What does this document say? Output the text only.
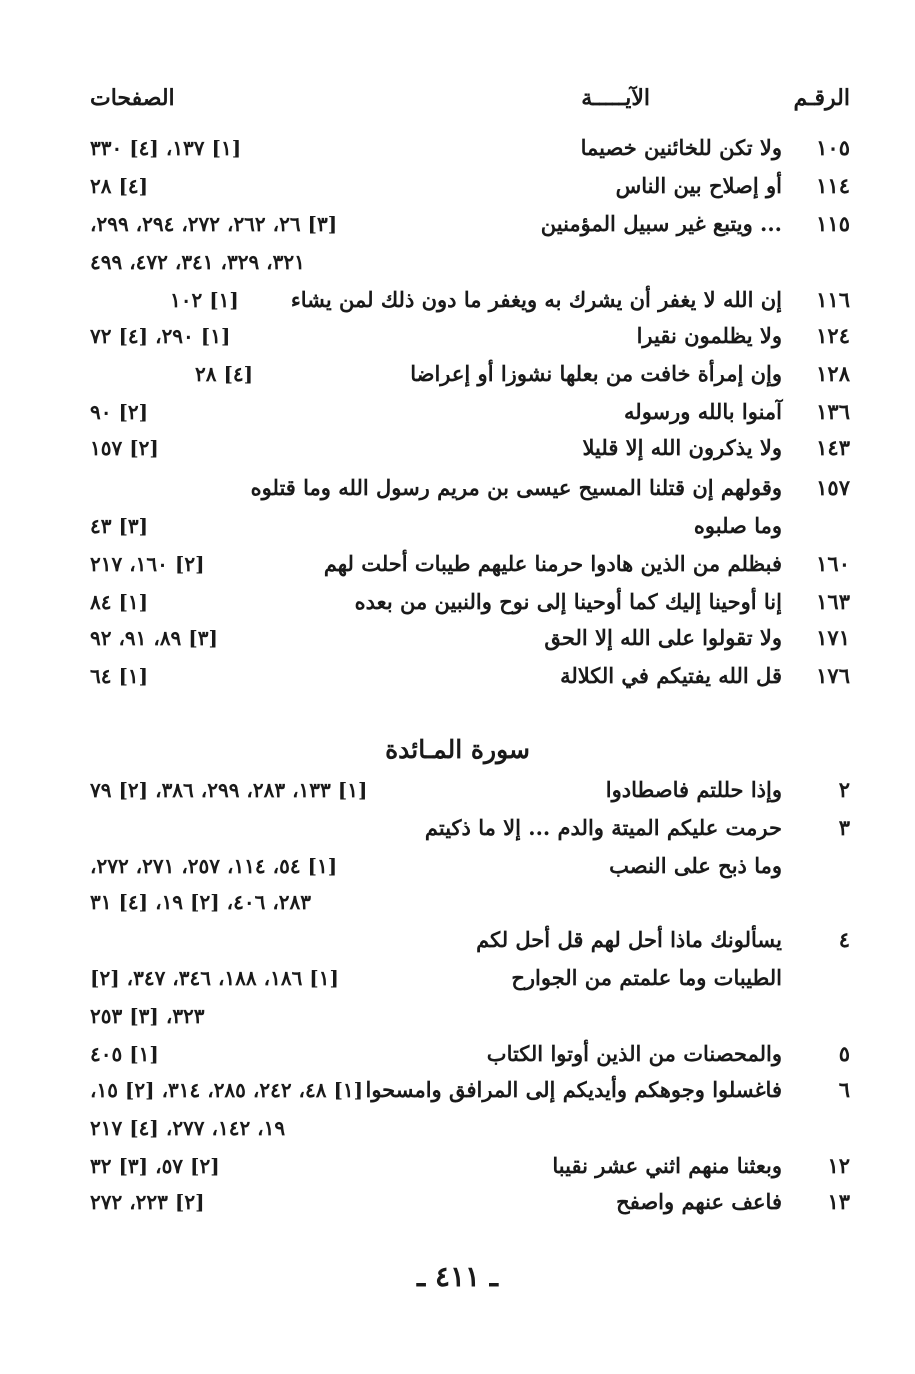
الرقـم
الآيـــــة
الصفحات
١٠٥
ولا تكن للخائنين خصيما
[١] ١٣٧، [٤] ٣٣٠
١١٤
أو إصلاح بين الناس
[٤] ٢٨
١١٥
... ويتبع غير سبيل المؤمنين
[٣] ٢٦، ٢٦٢، ٢٧٢، ٢٩٤، ٢٩٩،
٣٢١، ٣٢٩، ٣٤١، ٤٧٢، ٤٩٩
١١٦
إن الله لا يغفر أن يشرك به ويغفر ما دون ذلك لمن يشاء
[١] ١٠٢
١٢٤
ولا يظلمون نقيرا
[١] ٢٩٠، [٤] ٧٢
١٢٨
وإن إمرأة خافت من بعلها نشوزا أو إعراضا
[٤] ٢٨
١٣٦
آمنوا بالله ورسوله
[٢] ٩٠
١٤٣
ولا يذكرون الله إلا قليلا
[٢] ١٥٧
١٥٧
وقولهم إن قتلنا المسيح عيسى بن مريم رسول الله وما قتلوه
وما صلبوه
[٣] ٤٣
١٦٠
فبظلم من الذين هادوا حرمنا عليهم طيبات أحلت لهم
[٢] ١٦٠، ٢١٧
١٦٣
إنا أوحينا إليك كما أوحينا إلى نوح والنبين من بعده
[١] ٨٤
١٧١
ولا تقولوا على الله إلا الحق
[٣] ٨٩، ٩١، ٩٢
١٧٦
قل الله يفتيكم في الكلالة
[١] ٦٤
سورة المـائدة
٢
وإذا حللتم فاصطادوا
[١] ١٣٣، ٢٨٣، ٢٩٩، ٣٨٦، [٢] ٧٩
٣
حرمت عليكم الميتة والدم ... إلا ما ذكيتم
وما ذبح على النصب
[١] ٥٤، ١١٤، ٢٥٧، ٢٧١، ٢٧٢،
٢٨٣، ٤٠٦، [٢] ١٩، [٤] ٣١
٤
يسألونك ماذا أحل لهم قل أحل لكم
الطيبات وما علمتم من الجوارح
[١] ١٨٦، ١٨٨، ٣٤٦، ٣٤٧، [٢]
٣٢٣، [٣] ٢٥٣
٥
والمحصنات من الذين أوتوا الكتاب
[١] ٤٠٥
٦
فاغسلوا وجوهكم وأيديكم إلى المرافق وامسحوا
[١] ٤٨، ٢٤٢، ٢٨٥، ٣١٤، [٢] ١٥،
١٩، ١٤٢، ٢٧٧، [٤] ٢١٧
١٢
وبعثنا منهم اثني عشر نقيبا
[٢] ٥٧، [٣] ٣٢
١٣
فاعف عنهم واصفح
[٢] ٢٢٣، ٢٧٢
ـ ٤١١ ـ
